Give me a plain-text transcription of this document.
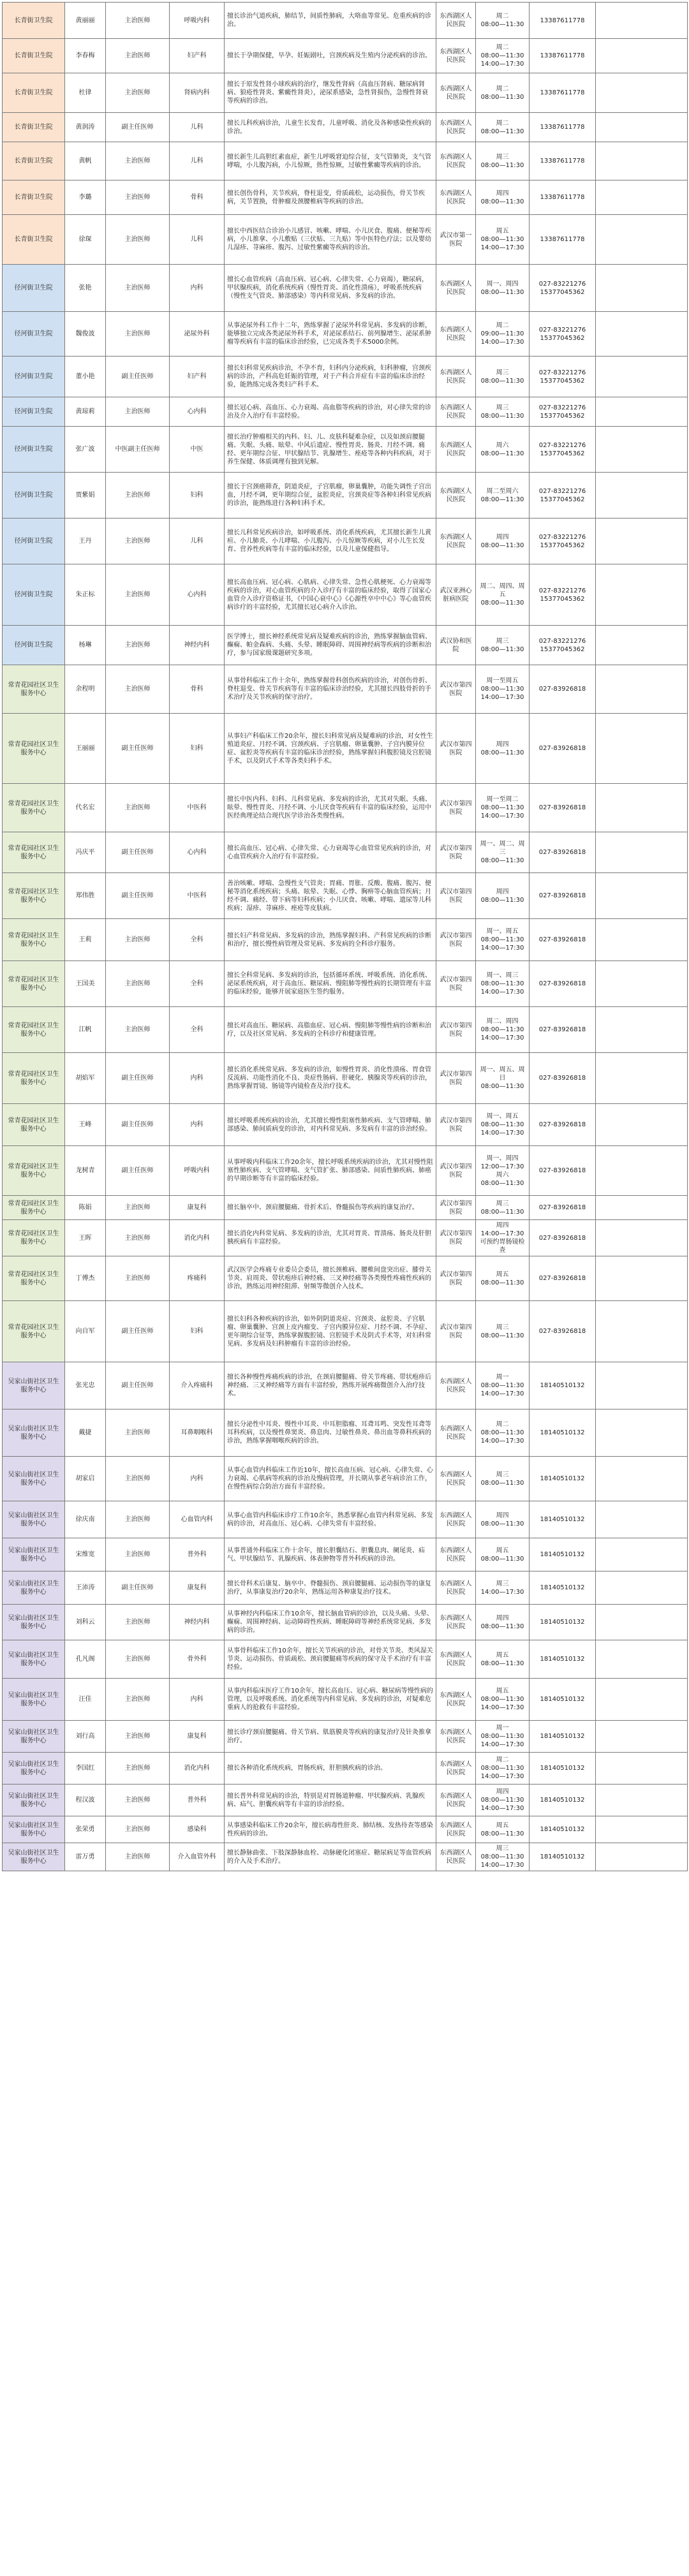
长青街卫生院	黄丽丽	主治医师	呼吸内科	擅长诊治气道疾病，肺结节，间质性肺病，大咯血等常见、危重疾病的诊治。	东西湖区人民医院	周二
08:00—11:30	13387611778	
长青街卫生院	李春梅	主治医师	妇产科	擅长于孕期保健，早孕、妊娠剧吐，宫颈疾病及生殖内分泌疾病的诊治。	东西湖区人民医院	周二
08:00—11:30
14:00—17:30	13387611778	
长青街卫生院	杜律	主治医师	肾病内科	擅长于原发性肾小球疾病的治疗，继发性肾病（高血压肾病、糖尿病肾病、狼疮性肾炎、紫癜性肾炎），泌尿系感染，急性肾损伤，急慢性肾衰等疾病的诊治。	东西湖区人民医院	周二
08:00—11:30	13387611778	
长青街卫生院	黄润涛	副主任医师	儿科	擅长儿科疾病诊治，儿童生长发育，儿童呼吸、消化及各种感染性疾病的诊治。	东西湖区人民医院	周二
08:00—11:30	13387611778	
长青街卫生院	黄帆	主治医师	儿科	擅长新生儿高胆红素血症，新生儿呼吸窘迫综合征，支气管肺炎，支气管哮喘，小儿腹泻病，小儿惊厥，热性惊厥，过敏性紫癜等疾病的诊治。	东西湖区人民医院	周三
08:00—11:30	13387611778	
长青街卫生院	李璐	主治医师	骨科	擅长创伤骨科，关节疾病，脊柱退变，骨质疏松，运动损伤，骨关节疾病，关节置换，骨肿瘤及颈腰椎病等疾病的诊治。	东西湖区人民医院	周四
08:00—11:30	13387611778	
长青街卫生院	徐琛	主治医师	儿科	擅长中西医结合诊治小儿感冒、咳嗽、哮喘、小儿厌食、腹痛、便秘等疾病，小儿推拿、小儿敷贴（三伏贴、三九贴）等中医特色疗法；以及婴幼儿湿疹、荨麻疹、腹泻、过敏性紫癜等疾病的诊治。	武汉市第一医院	周五
08:00—11:30
14:00—17:30	13387611778	
径河街卫生院	张艳	主治医师	内科	擅长心血管疾病（高血压病、冠心病、心律失常、心力衰竭），糖尿病，甲状腺疾病，消化系统疾病（慢性胃炎、消化性溃疡），呼吸系统疾病（慢性支气管炎、肺部感染）等内科常见病、多发病的诊治。	东西湖区人民医院	周一、周四
08:00—11:30	027-83221276
15377045362	
径河街卫生院	魏俊波	主治医师	泌尿外科	从事泌尿外科工作十二年，熟练掌握了泌尿外科常见病、多发病的诊断，能够独立完成各类泌尿外科手术，对泌尿系结石、前列腺增生、泌尿系肿瘤等疾病有丰富的临床诊治经验，已完成各类手术5000余例。	东西湖区人民医院	周二
09:00—11:30
14:00—17:30	027-83221276
15377045362	
径河街卫生院	董小艳	副主任医师	妇产科	擅长妇科常见疾病诊治，不孕不育，妇科内分泌疾病，妇科肿瘤，宫颈疾病的诊治，产科高危妊娠的管理，对于产科合并症有丰富的临床诊治经验，能熟练完成各类妇产科手术。	东西湖区人民医院	周三
08:00—11:30	027-83221276
15377045362	
径河街卫生院	黄琼莉	主治医师	心内科	擅长冠心病、高血压、心力衰竭、高血脂等疾病的诊治，对心律失常的诊治及介入治疗有丰富经验。	东西湖区人民医院	周三
08:00—11:30	027-83221276
15377045362	
径河街卫生院	张广波	中医副主任医师	中医	擅长治疗肿瘤相关的内科、妇、儿、皮肤科疑难杂症，以及如颈肩腰腿痛、失眠、头痛、眩晕、中风后遗症、慢性胃炎、肠炎、月经不调、痛经、更年期综合征、甲状腺结节、乳腺增生、痤疮等各种内科疾病，对于养生保健、体质调理有独到见解。	东西湖区人民医院	周六
08:00—11:30	027-83221276
15377045362	
径河街卫生院	贾紫娟	主治医师	妇科	擅长于宫颈癌筛查，阴道炎症，子宫肌瘤，卵巢囊肿，功能失调性子宫出血，月经不调，更年期综合征，盆腔炎症，宫颈炎症等各种妇科常见疾病的诊治，能熟练进行各种妇科手术。	东西湖区人民医院	周二至周六
08:00—11:30	027-83221276
15377045362	
径河街卫生院	王丹	主治医师	儿科	擅长儿科常见疾病诊治，如呼吸系统、消化系统疾病，尤其擅长新生儿黄疸、小儿肺炎、小儿哮喘、小儿腹泻、小儿惊厥等疾病，对小儿生长发育、营养性疾病等有丰富的临床经验，以及儿童保健指导。	东西湖区人民医院	周四
08:00—11:30	027-83221276
15377045362	
径河街卫生院	朱正标	主治医师	心内科	擅长高血压病、冠心病、心肌病、心律失常、急性心肌梗死、心力衰竭等疾病的诊治，对心血管疾病的介入诊疗有丰富的临床经验，取得了国家心血管介入诊疗资格证书，《中国心衰中心》《心源性卒中中心》等心血管疾病诊疗的丰富经验，尤其擅长冠心病介入诊治。	武汉亚洲心脏病医院	周二、周四、周五
08:00—11:30	027-83221276
15377045362	
径河街卫生院	杨琳	主治医师	神经内科	医学博士，擅长神经系统常见病及疑难疾病的诊治，熟练掌握脑血管病、癫痫、帕金森病、头痛、头晕、睡眠障碍、周围神经病等疾病的诊断和治疗，参与国家级课题研究多项。	武汉协和医院	周三
08:00—11:30	027-83221276
15377045362	
常青花园社区卫生服务中心	余程明	主治医师	骨科	从事骨科临床工作十余年，熟练掌握骨科创伤疾病的诊治，对创伤骨折、脊柱退变、骨关节疾病等有丰富的临床诊治经验，尤其擅长四肢骨折的手术治疗及关节疾病的保守治疗。	武汉市第四医院	周一至周五
08:00—11:30
14:00—17:30	027-83926818	
常青花园社区卫生服务中心	王丽丽	副主任医师	妇科	从事妇产科临床工作20余年，擅长妇科常见病及疑难病的诊治，对女性生殖道炎症、月经不调、宫颈疾病、子宫肌瘤、卵巢囊肿、子宫内膜异位症、盆腔炎等疾病有丰富的临床诊治经验，熟练掌握妇科腹腔镜及宫腔镜手术，以及阴式手术等各类妇科手术。	武汉市第四医院	周四
08:00—11:30	027-83926818	
常青花园社区卫生服务中心	代名宏	主治医师	中医科	擅长中医内科、妇科、儿科常见病、多发病的诊治，尤其对失眠、头痛、眩晕、慢性胃炎、月经不调、小儿厌食等疾病有丰富的临床经验，运用中医经典理论结合现代医学诊治各类慢性病。	武汉市第四医院	周一至周二
08:00—11:30
14:00—17:30	027-83926818	
常青花园社区卫生服务中心	冯庆平	副主任医师	心内科	擅长高血压、冠心病、心律失常、心力衰竭等心血管常见疾病的诊治，对心血管疾病介入治疗有丰富经验。	武汉市第四医院	周一、周二、周三
08:00—11:30	027-83926818	
常青花园社区卫生服务中心	郑伟胜	副主任医师	中医科	善治咳嗽、哮喘、急慢性支气管炎；胃痛、胃胀、反酸、腹痛、腹泻、便秘等消化系统疾病；头痛、眩晕、失眠、心悸、胸痹等心脑血管疾病；月经不调、痛经、带下病等妇科疾病；小儿厌食、咳嗽、哮喘、遗尿等儿科疾病；湿疹、荨麻疹、痤疮等皮肤病。	武汉市第四医院	周四
08:00—11:30	027-83926818	
常青花园社区卫生服务中心	王莉	主治医师	全科	擅长妇产科常见病、多发病的诊治，熟练掌握妇科、产科常见疾病的诊断和治疗，擅长慢性病管理及常见病、多发病的全科诊疗服务。	武汉市第四医院	周一、周五
08:00—11:30
14:00—17:30	027-83926818	
常青花园社区卫生服务中心	王国美	主治医师	全科	擅长全科常见病、多发病的诊治，包括循环系统、呼吸系统、消化系统、泌尿系统疾病，对于高血压、糖尿病、慢阻肺等慢性病的长期管理有丰富的临床经验，能够开展家庭医生签约服务。	武汉市第四医院	周一、周三
08:00—11:30
14:00—17:30	027-83926818	
常青花园社区卫生服务中心	江帆	主治医师	全科	擅长对高血压、糖尿病、高脂血症、冠心病、慢阻肺等慢性病的诊断和治疗，以及社区常见病、多发病的全科诊疗和健康管理。	武汉市第四医院	周二、周四
08:00—11:30
14:00—17:30	027-83926818	
常青花园社区卫生服务中心	胡焰军	副主任医师	内科	擅长消化系统常见病、多发病的诊治，如慢性胃炎、消化性溃疡、胃食管反流病、功能性消化不良、炎症性肠病、肝硬化、胰腺炎等疾病的诊治，熟练掌握胃镜、肠镜等内镜检查及治疗技术。	武汉市第四医院	周一、周五、周日
08:00—11:30	027-83926818	
常青花园社区卫生服务中心	王峰	副主任医师	内科	擅长呼吸系统疾病的诊治，尤其擅长慢性阻塞性肺疾病、支气管哮喘、肺部感染、肺间质病变的诊治，对内科常见病、多发病有丰富的诊治经验。	武汉市第四医院	周一、周五
08:00—11:30
14:00—17:30	027-83926818	
常青花园社区卫生服务中心	龙树青	副主任医师	呼吸内科	从事呼吸内科临床工作20余年，擅长呼吸系统疾病的诊治，尤其对慢性阻塞性肺疾病、支气管哮喘、支气管扩张、肺部感染、间质性肺疾病、肺癌的早期诊断等有丰富的临床经验。	武汉市第四医院	周一、周四
12:00—17:30
周六
08:00—11:30	027-83926818	
常青花园社区卫生服务中心	陈娟	主治医师	康复科	擅长脑卒中、颈肩腰腿痛、骨折术后、脊髓损伤等疾病的康复治疗。	武汉市第四医院	周三
08:00—11:30	027-83926818	
常青花园社区卫生服务中心	王晖	主治医师	消化内科	擅长消化内科常见病、多发病的诊治，尤其对胃炎、胃溃疡、肠炎及肝胆胰疾病有丰富经验。	武汉市第四医院	周四
14:00—17:30
可预约胃肠镜检查	027-83926818	
常青花园社区卫生服务中心	丁傅杰	主治医师	疼痛科	武汉医学会疼痛专业委员会委员，擅长颈椎病、腰椎间盘突出症、膝骨关节炎、肩周炎、带状疱疹后神经痛、三叉神经痛等各类慢性疼痛性疾病的诊治，熟练运用神经阻滞、射频等微创介入技术。	武汉市第四医院	周五
08:00—11:30	027-83926818	
常青花园社区卫生服务中心	向自军	副主任医师	妇科	擅长妇科各种疾病的诊治，如外阴阴道炎症、宫颈炎、盆腔炎、子宫肌瘤、卵巢囊肿、宫颈上皮内瘤变、子宫内膜异位症、月经不调、不孕症、更年期综合征等，熟练掌握腹腔镜、宫腔镜手术及阴式手术等，对妇科常见病、多发病及妇科肿瘤有丰富的诊治经验。	武汉市第四医院	周三
08:00—11:30	027-83926818	
吴家山街社区卫生服务中心	张光忠	副主任医师	介入疼痛科	擅长各种慢性疼痛疾病的诊治，在颈肩腰腿痛、骨关节疼痛、带状疱疹后神经痛、三叉神经痛等方面有丰富经验，熟练开展疼痛微创介入治疗技术。	东西湖区人民医院	周一
08:00—11:30
14:00—17:30	18140510132	
吴家山街社区卫生服务中心	戴捷	主治医师	耳鼻咽喉科	擅长分泌性中耳炎、慢性中耳炎、中耳胆脂瘤、耳聋耳鸣、突发性耳聋等耳科疾病，以及慢性鼻窦炎、鼻息肉、过敏性鼻炎、鼻出血等鼻科疾病的诊治，熟练掌握咽喉疾病的诊治。	东西湖区人民医院	周二
08:00—11:30
14:00—17:30	18140510132	
吴家山街社区卫生服务中心	胡家启	主治医师	内科	从事心血管内科临床工作近10年，擅长高血压病、冠心病、心律失常、心力衰竭、心肌病等疾病的诊治及慢病管理，并长期从事老年病诊治工作，在慢性病综合防治方面有丰富经验。	东西湖区人民医院	周三
08:00—11:30	18140510132	
吴家山街社区卫生服务中心	徐庆南	主治医师	心血管内科	从事心血管内科临床诊疗工作10余年，熟悉掌握心血管内科常见病、多发病的诊治，对高血压、冠心病、心律失常有丰富经验。	东西湖区人民医院	周四
08:00—11:30	18140510132	
吴家山街社区卫生服务中心	宋维宽	主治医师	普外科	从事普通外科临床工作十余年，擅长胆囊结石、胆囊息肉、阑尾炎、疝气、甲状腺结节、乳腺疾病、体表肿物等普外科疾病的诊治。	东西湖区人民医院	周五
08:00—11:30	18140510132	
吴家山街社区卫生服务中心	王沛涛	副主任医师	康复科	擅长骨科术后康复、脑卒中、脊髓损伤、颈肩腰腿痛、运动损伤等的康复治疗，从事康复治疗20余年，熟练运用各种康复治疗技术。	东西湖区人民医院	周三
14:00—17:30	18140510132	
吴家山街社区卫生服务中心	刘科云	主治医师	神经内科	从事神经内科临床工作10余年，擅长脑血管病的诊治，以及头痛、头晕、癫痫、周围神经病、运动障碍性疾病、睡眠障碍等神经系统常见病、多发病的诊治。	东西湖区人民医院	周四
08:00—11:30	18140510132	
吴家山街社区卫生服务中心	孔凡阁	主治医师	骨外科	从事骨科临床工作10余年，擅长关节疾病的诊治，对骨关节炎、类风湿关节炎、运动损伤、骨质疏松、颈肩腰腿痛等疾病的保守及手术治疗有丰富经验。	东西湖区人民医院	周五
08:00—11:30	18140510132	
吴家山街社区卫生服务中心	汪佳	主治医师	内科	从事内科临床医疗工作10余年，擅长高血压、冠心病、糖尿病等慢性病的管理，以及呼吸系统、消化系统等内科常见病、多发病的诊治，对疑难危重病人的抢救有丰富经验。	东西湖区人民医院	周五
08:00—11:30
14:00—17:30	18140510132	
吴家山街社区卫生服务中心	刘行高	主治医师	康复科	擅长诊疗颈肩腰腿痛、骨关节病、肌筋膜炎等疾病的康复治疗及针灸推拿治疗。	东西湖区人民医院	周一
08:00—11:30
14:00—17:30	18140510132	
吴家山街社区卫生服务中心	李国红	主治医师	消化内科	擅长各种消化系统疾病，胃肠疾病，肝胆胰疾病的诊治。	东西湖区人民医院	周二
08:00—11:30
14:00—17:30	18140510132	
吴家山街社区卫生服务中心	程汉波	主治医师	普外科	擅长普外科常见病的诊治，特别是对胃肠道肿瘤、甲状腺疾病、乳腺疾病、疝气、胆囊疾病等有丰富的诊治经验。	东西湖区人民医院	周四
08:00—11:30
14:00—17:30	18140510132	
吴家山街社区卫生服务中心	张荣勇	主治医师	感染科	从事感染科临床工作20余年，擅长病毒性肝炎、肺结核、发热待查等感染性疾病的诊治。	东西湖区人民医院	周五
08:00—11:30	18140510132	
吴家山街社区卫生服务中心	雷万勇	主治医师	介入血管外科	擅长静脉曲张、下肢深静脉血栓、动脉硬化闭塞症、糖尿病足等血管疾病的介入及手术治疗。	东西湖区人民医院	周三
08:00—11:30
14:00—17:30	18140510132	
